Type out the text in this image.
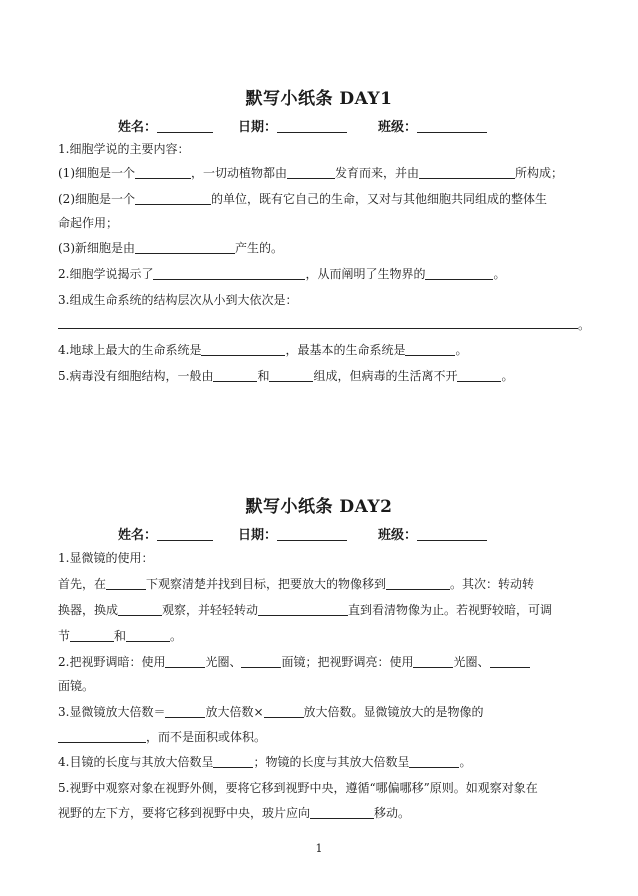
默写小纸条 DAY1
姓名：	日期：	班级：
1.细胞学说的主要内容：
(1)细胞是一个	，一切动植物都由	发育而来，并由	所构成；
(2)细胞是一个	的单位，既有它自己的生命，又对与其他细胞共同组成的整体生
命起作用；
(3)新细胞是由	产生的。
2.细胞学说揭示了	，从而阐明了生物界的	。
3.组成生命系统的结构层次从小到大依次是：
。
4.地球上最大的生命系统是	，最基本的生命系统是	。
5.病毒没有细胞结构，一般由	和	组成，但病毒的生活离不开	。
默写小纸条 DAY2
姓名：	日期：	班级：
1.显微镜的使用：
首先，在	下观察清楚并找到目标，把要放大的物像移到	。其次：转动转
换器，换成	观察，并轻轻转动	直到看清物像为止。若视野较暗，可调
节	和	。
2.把视野调暗：使用	光圈、	面镜；把视野调亮：使用	光圈、
面镜。
3.显微镜放大倍数＝	放大倍数×	放大倍数。显微镜放大的是物像的
，而不是面积或体积。
4.目镜的长度与其放大倍数呈	；物镜的长度与其放大倍数呈	。
5.视野中观察对象在视野外侧，要将它移到视野中央，遵循“哪偏哪移”原则。如观察对象在
视野的左下方，要将它移到视野中央，玻片应向	移动。
1
